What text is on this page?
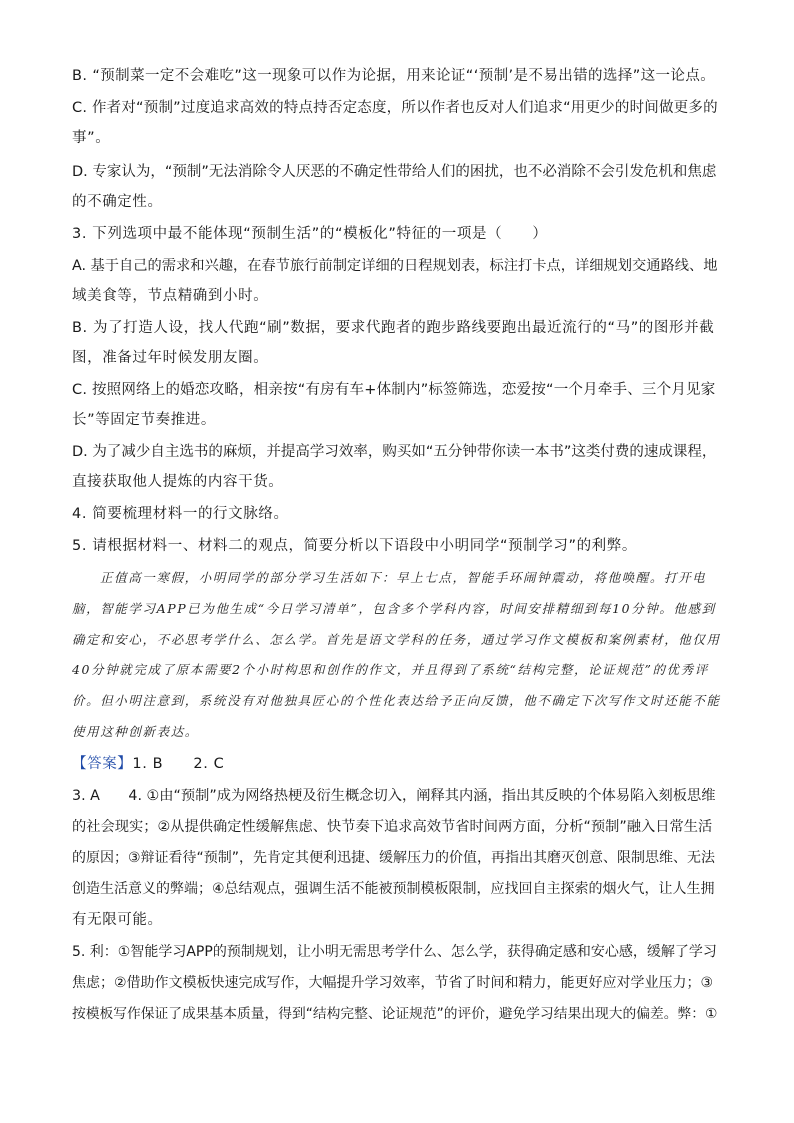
B. “预制菜一定不会难吃”这一现象可以作为论据，用来论证“‘预制’是不易出错的选择”这一论点。
C. 作者对“预制”过度追求高效的特点持否定态度，所以作者也反对人们追求“用更少的时间做更多的
事”。
D. 专家认为，“预制”无法消除令人厌恶的不确定性带给人们的困扰，也不必消除不会引发危机和焦虑
的不确定性。
3. 下列选项中最不能体现“预制生活”的“模板化”特征的一项是（　　）
A. 基于自己的需求和兴趣，在春节旅行前制定详细的日程规划表，标注打卡点，详细规划交通路线、地
域美食等，节点精确到小时。
B. 为了打造人设，找人代跑“刷”数据，要求代跑者的跑步路线要跑出最近流行的“马”的图形并截
图，准备过年时候发朋友圈。
C. 按照网络上的婚恋攻略，相亲按“有房有车+体制内”标签筛选，恋爱按“一个月牵手、三个月见家
长”等固定节奏推进。
D. 为了减少自主选书的麻烦，并提高学习效率，购买如“五分钟带你读一本书”这类付费的速成课程，
直接获取他人提炼的内容干货。
4. 简要梳理材料一的行文脉络。
5. 请根据材料一、材料二的观点，简要分析以下语段中小明同学“预制学习”的利弊。
正值高一寒假，小明同学的部分学习生活如下：早上七点，智能手环闹钟震动，将他唤醒。打开电
脑，智能学习APP已为他生成“今日学习清单”，包含多个学科内容，时间安排精细到每10分钟。他感到
确定和安心，不必思考学什么、怎么学。首先是语文学科的任务，通过学习作文模板和案例素材，他仅用
40分钟就完成了原本需要2个小时构思和创作的作文，并且得到了系统“结构完整，论证规范”的优秀评
价。但小明注意到，系统没有对他独具匠心的个性化表达给予正向反馈，他不确定下次写作文时还能不能
使用这种创新表达。
【答案】1. B　　2. C
3. A　　4. ①由“预制”成为网络热梗及衍生概念切入，阐释其内涵，指出其反映的个体易陷入刻板思维
的社会现实；②从提供确定性缓解焦虑、快节奏下追求高效节省时间两方面，分析“预制”融入日常生活
的原因；③辩证看待“预制”，先肯定其便利迅捷、缓解压力的价值，再指出其磨灭创意、限制思维、无法
创造生活意义的弊端；④总结观点，强调生活不能被预制模板限制，应找回自主探索的烟火气，让人生拥
有无限可能。
5. 利：①智能学习APP的预制规划，让小明无需思考学什么、怎么学，获得确定感和安心感，缓解了学习
焦虑；②借助作文模板快速完成写作，大幅提升学习效率，节省了时间和精力，能更好应对学业压力；③
按模板写作保证了成果基本质量，得到“结构完整、论证规范”的评价，避免学习结果出现大的偏差。弊：①
